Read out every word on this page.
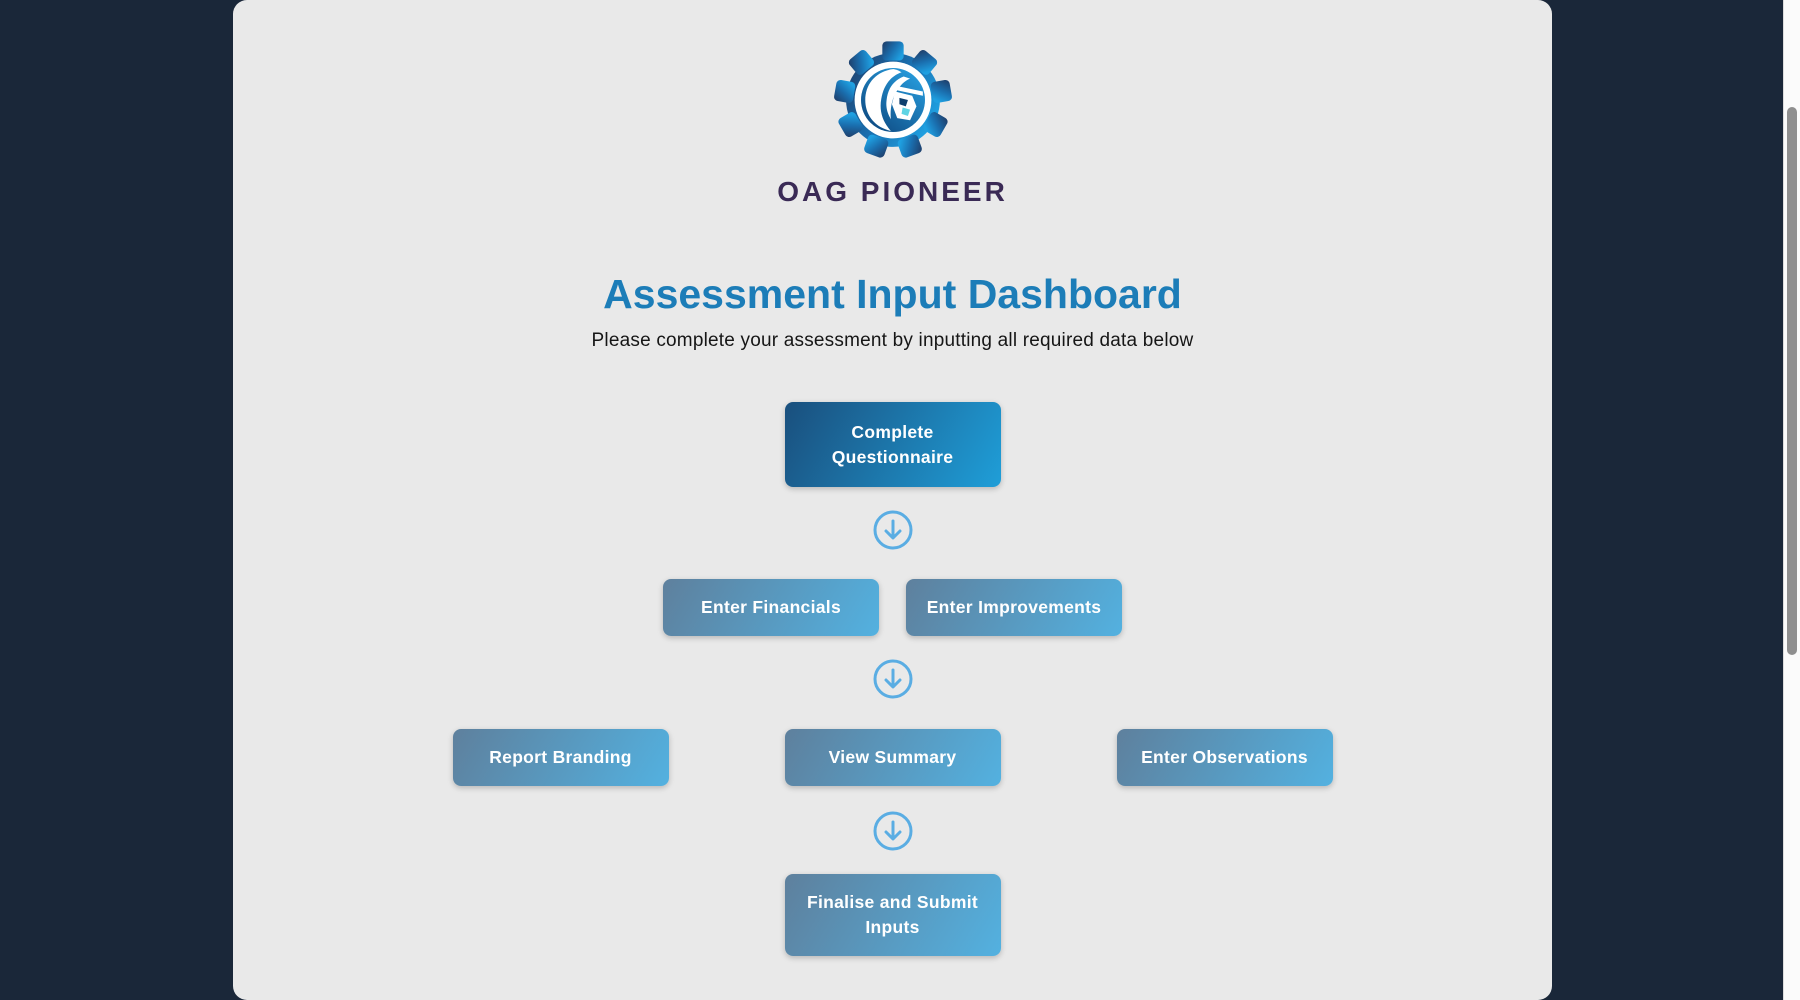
OAG PIONEER
Assessment Input Dashboard
Please complete your assessment by inputting all required data below
Complete Questionnaire
Enter Financials	Enter Improvements
Report Branding	View Summary	Enter Observations
Finalise and Submit Inputs
